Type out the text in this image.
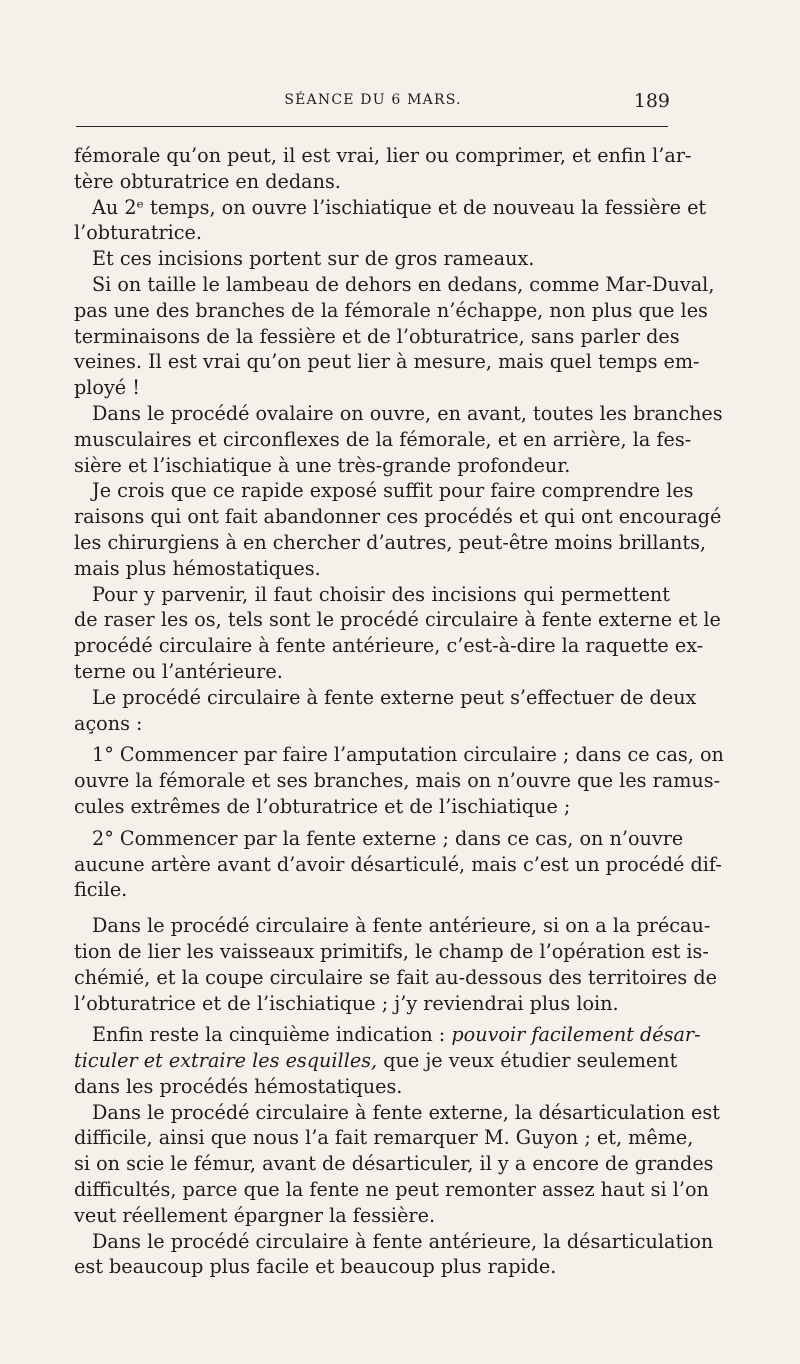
SÉANCE DU 6 MARS.	189
fémorale qu’on peut, il est vrai, lier ou comprimer, et enfin l’ar-
tère obturatrice en dedans.
Au 2ᵉ temps, on ouvre l’ischiatique et de nouveau la fessière et
l’obturatrice.
Et ces incisions portent sur de gros rameaux.
Si on taille le lambeau de dehors en dedans, comme Mar-Duval,
pas une des branches de la fémorale n’échappe, non plus que les
terminaisons de la fessière et de l’obturatrice, sans parler des
veines. Il est vrai qu’on peut lier à mesure, mais quel temps em-
ployé !
Dans le procédé ovalaire on ouvre, en avant, toutes les branches
musculaires et circonflexes de la fémorale, et en arrière, la fes-
sière et l’ischiatique à une très-grande profondeur.
Je crois que ce rapide exposé suffit pour faire comprendre les
raisons qui ont fait abandonner ces procédés et qui ont encouragé
les chirurgiens à en chercher d’autres, peut-être moins brillants,
mais plus hémostatiques.
Pour y parvenir, il faut choisir des incisions qui permettent
de raser les os, tels sont le procédé circulaire à fente externe et le
procédé circulaire à fente antérieure, c’est-à-dire la raquette ex-
terne ou l’antérieure.
Le procédé circulaire à fente externe peut s’effectuer de deux
açons :
1° Commencer par faire l’amputation circulaire ; dans ce cas, on
ouvre la fémorale et ses branches, mais on n’ouvre que les ramus-
cules extrêmes de l’obturatrice et de l’ischiatique ;
2° Commencer par la fente externe ; dans ce cas, on n’ouvre
aucune artère avant d’avoir désarticulé, mais c’est un procédé dif-
ficile.
Dans le procédé circulaire à fente antérieure, si on a la précau-
tion de lier les vaisseaux primitifs, le champ de l’opération est is-
chémié, et la coupe circulaire se fait au-dessous des territoires de
l’obturatrice et de l’ischiatique ; j’y reviendrai plus loin.
Enfin reste la cinquième indication : pouvoir facilement désar-
ticuler et extraire les esquilles, que je veux étudier seulement
dans les procédés hémostatiques.
Dans le procédé circulaire à fente externe, la désarticulation est
difficile, ainsi que nous l’a fait remarquer M. Guyon ; et, même,
si on scie le fémur, avant de désarticuler, il y a encore de grandes
difficultés, parce que la fente ne peut remonter assez haut si l’on
veut réellement épargner la fessière.
Dans le procédé circulaire à fente antérieure, la désarticulation
est beaucoup plus facile et beaucoup plus rapide.
